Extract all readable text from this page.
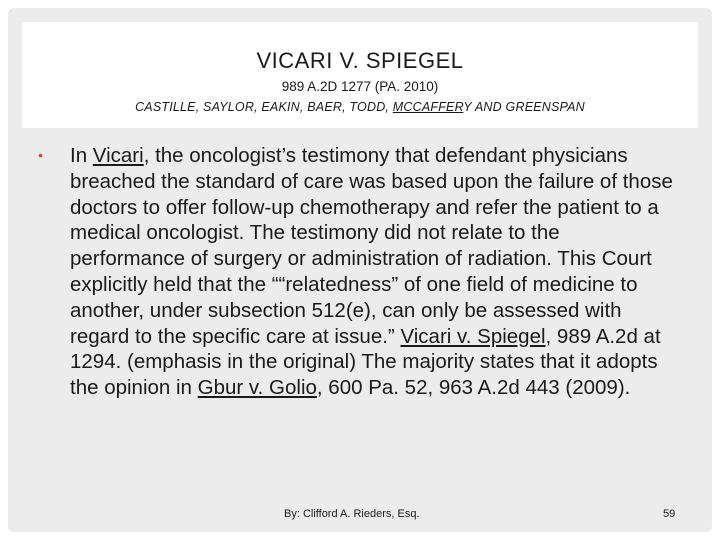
VICARI V. SPIEGEL
989 A.2D 1277 (PA. 2010)
CASTILLE, SAYLOR, EAKIN, BAER, TODD, MCCAFFERY AND GREENSPAN
•	In Vicari, the oncologist’s testimony that defendant physicians breached the standard of care was based upon the failure of those doctors to offer follow-up chemotherapy and refer the patient to a medical oncologist. The testimony did not relate to the performance of surgery or administration of radiation. This Court explicitly held that the ““relatedness” of one field of medicine to another, under subsection 512(e), can only be assessed with regard to the specific care at issue.” Vicari v. Spiegel, 989 A.2d at 1294. (emphasis in the original) The majority states that it adopts the opinion in Gbur v. Golio, 600 Pa. 52, 963 A.2d 443 (2009).

By: Clifford A. Rieders, Esq.	59
